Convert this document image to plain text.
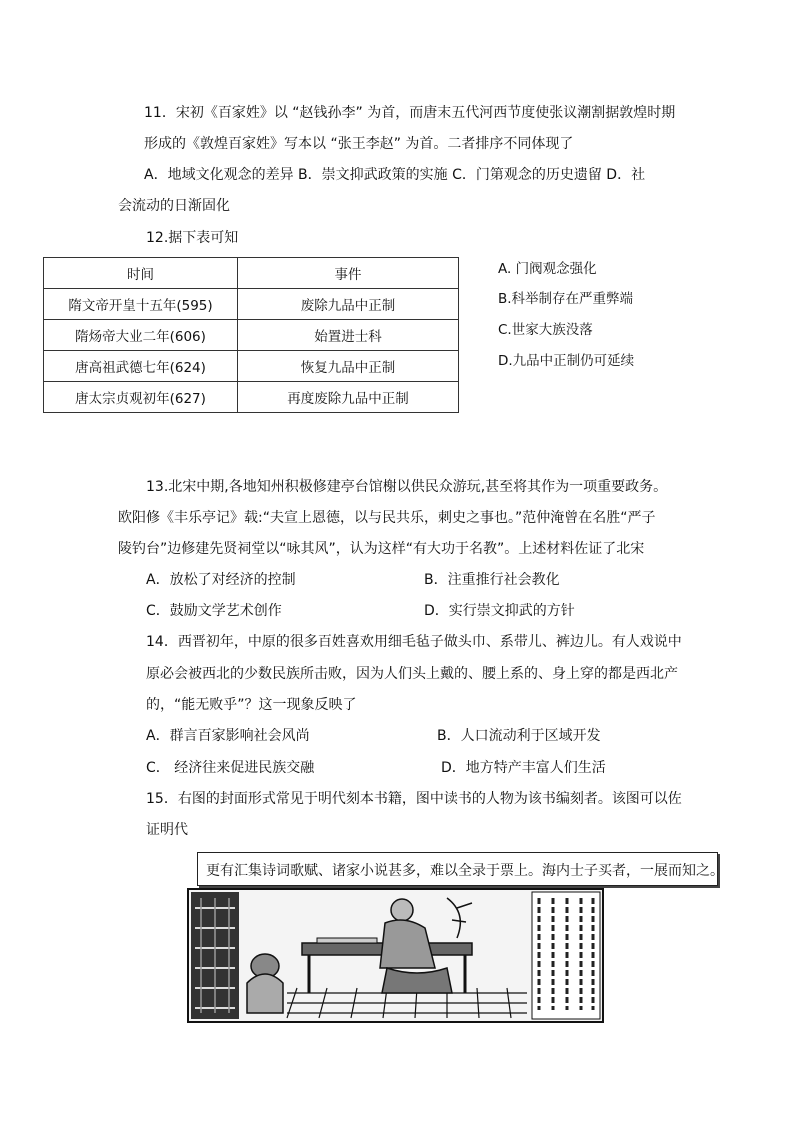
11．宋初《百家姓》以 “赵钱孙李” 为首，而唐末五代河西节度使张议潮割据敦煌时期
形成的《敦煌百家姓》写本以 “张王李赵” 为首。二者排序不同体现了
A．地域文化观念的差异 B．崇文抑武政策的实施 C．门第观念的历史遗留 D．社
会流动的日渐固化
12.据下表可知
时间	事件
隋文帝开皇十五年(595)	废除九品中正制
隋炀帝大业二年(606)	始置进士科
唐高祖武德七年(624)	恢复九品中正制
唐太宗贞观初年(627)	再度废除九品中正制
A. 门阀观念强化
B.科举制存在严重弊端
C.世家大族没落
D.九品中正制仍可延续
13.北宋中期,各地知州积极修建亭台馆榭以供民众游玩,甚至将其作为一项重要政务。
欧阳修《丰乐亭记》载:“夫宣上恩德，以与民共乐，刺史之事也。”范仲淹曾在名胜“严子
陵钓台”边修建先贤祠堂以“咏其风”，认为这样“有大功于名教”。上述材料佐证了北宋
A．放松了对经济的控制	B．注重推行社会教化
C．鼓励文学艺术创作	D．实行崇文抑武的方针
14．西晋初年，中原的很多百姓喜欢用细毛毡子做头巾、系带儿、裤边儿。有人戏说中
原必会被西北的少数民族所击败，因为人们头上戴的、腰上系的、身上穿的都是西北产
的，“能无败乎”？这一现象反映了
A．群言百家影响社会风尚	B．人口流动利于区域开发
C． 经济往来促进民族交融	D．地方特产丰富人们生活
15．右图的封面形式常见于明代刻本书籍，图中读书的人物为该书编刻者。该图可以佐
证明代
更有汇集诗词歌赋、诸家小说甚多，难以全录于票上。海内士子买者，一展而知之。
